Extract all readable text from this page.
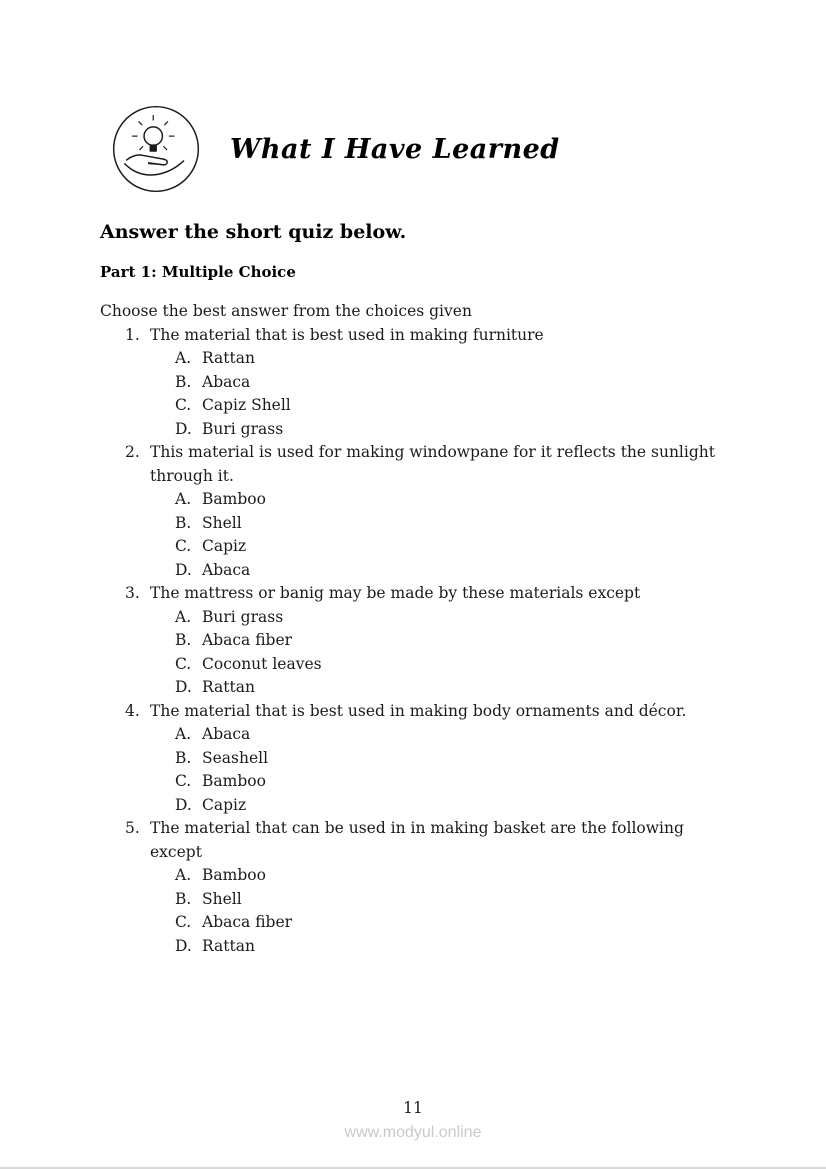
What I Have Learned
Answer the short quiz below.
Part 1: Multiple Choice

Choose the best answer from the choices given

1. The material that is best used in making furniture
A. Rattan
B. Abaca
C. Capiz Shell
D. Buri grass
2. This material is used for making windowpane for it reflects the sunlight through it.
A. Bamboo
B. Shell
C. Capiz
D. Abaca
3. The mattress or banig may be made by these materials except
A. Buri grass
B. Abaca fiber
C. Coconut leaves
D. Rattan
4. The material that is best used in making body ornaments and décor.
A. Abaca
B. Seashell
C. Bamboo
D. Capiz
5. The material that can be used in in making basket are the following except
A. Bamboo
B. Shell
C. Abaca fiber
D. Rattan
11
www.modyul.online
